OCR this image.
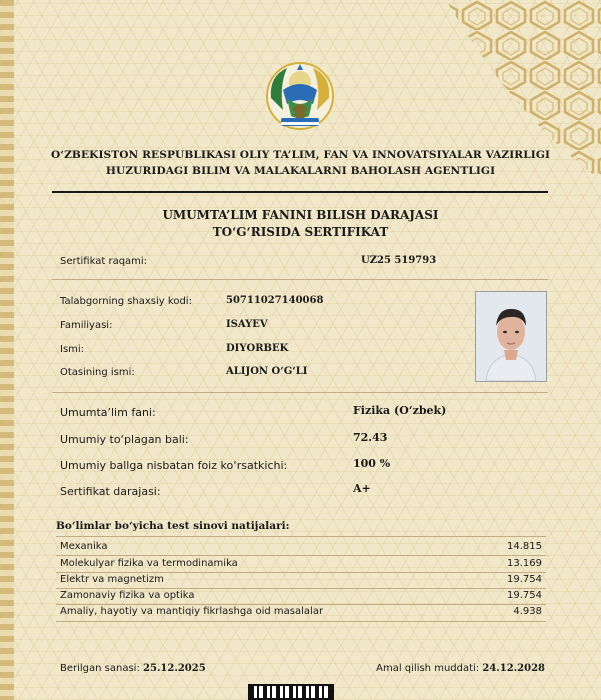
O‘ZBEKISTON RESPUBLIKASI OLIY TA’LIM, FAN VA INNOVATSIYALAR VAZIRLIGI
HUZURIDAGI BILIM VA MALAKALARNI BAHOLASH AGENTLIGI
UMUMTA’LIM FANINI BILISH DARAJASI
TO‘G‘RISIDA SERTIFIKAT
Sertifikat raqami:	UZ25 519793
Talabgorning shaxsiy kodi:	50711027140068
Familiyasi:	ISAYEV
Ismi:	DIYORBEK
Otasining ismi:	ALIJON O‘G‘LI
Umumta’lim fani:	Fizika (O‘zbek)
Umumiy to‘plagan bali:	72.43
Umumiy ballga nisbatan foiz ko‘rsatkichi:	100 %
Sertifikat darajasi:	A+
Bo‘limlar bo‘yicha test sinovi natijalari:
Mexanika	14.815
Molekulyar fizika va termodinamika	13.169
Elektr va magnetizm	19.754
Zamonaviy fizika va optika	19.754
Amaliy, hayotiy va mantiqiy fikrlashga oid masalalar	4.938
Berilgan sanasi: 25.12.2025	Amal qilish muddati: 24.12.2028
